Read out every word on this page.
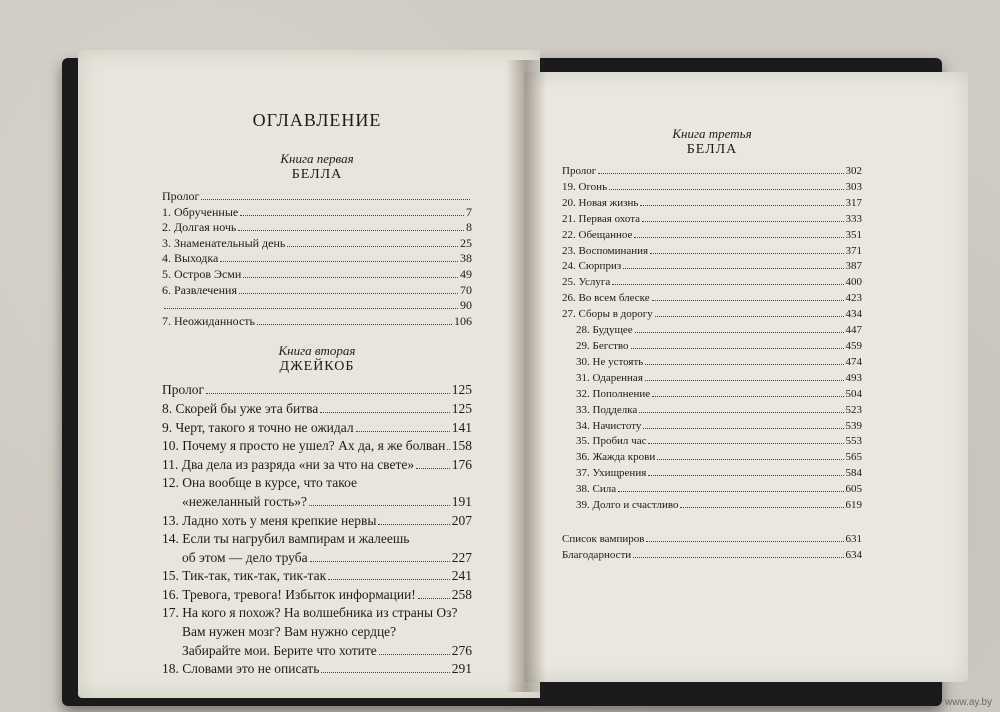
ОГЛАВЛЕНИЕ
Книга первая
БЕЛЛА
Пролог
1. Обрученные	7
2. Долгая ночь	8
3. Знаменательный день	25
4. Выходка	38
5. Остров Эсми	49
6. Развлечения	70
90
7. Неожиданность	106
Книга вторая
ДЖЕЙКОБ
Пролог	125
8. Скорей бы уже эта битва	125
9. Черт, такого я точно не ожидал	141
10. Почему я просто не ушел? Ах да, я же болван 158
11. Два дела из разряда «ни за что на свете»	176
12. Она вообще в курсе, что такое
«нежеланный гость»?	191
13. Ладно хоть у меня крепкие нервы	207
14. Если ты нагрубил вампирам и жалеешь
об этом — дело труба	227
15. Тик-так, тик-так, тик-так	241
16. Тревога, тревога! Избыток информации!	258
17. На кого я похож? На волшебника из страны Оз?
Вам нужен мозг? Вам нужно сердце?
Забирайте мои. Берите что хотите	276
18. Словами это не описать	291
Книга третья
БЕЛЛА
Пролог	302
19. Огонь	303
20. Новая жизнь	317
21. Первая охота	333
22. Обещанное	351
23. Воспоминания	371
24. Сюрприз	387
25. Услуга	400
26. Во всем блеске	423
27. Сборы в дорогу	434
28. Будущее	447
29. Бегство	459
30. Не устоять	474
31. Одаренная	493
32. Пополнение	504
33. Подделка	523
34. Начистоту	539
35. Пробил час	553
36. Жажда крови	565
37. Ухищрения	584
38. Сила	605
39. Долго и счастливо	619
Список вампиров	631
Благодарности	634
www.ay.by
